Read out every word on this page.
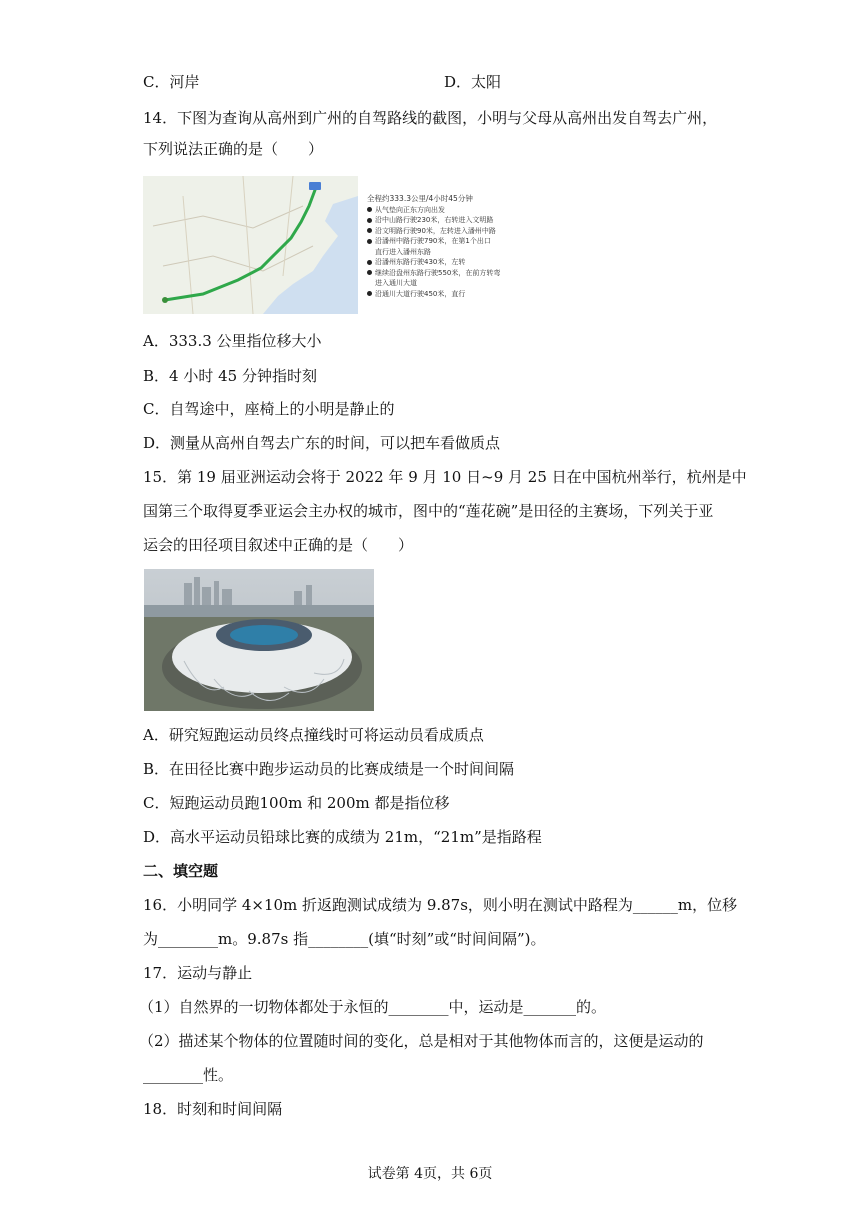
C．河岸	D．太阳
14．下图为查询从高州到广州的自驾路线的截图，小明与父母从高州出发自驾去广州，
下列说法正确的是（　　）
全程约333.3公里/4小时45分钟
从气垫向正东方向出发
沿中山路行驶230米，右转进入文明路
沿文明路行驶90米，左转进入潘州中路
沿潘州中路行驶790米，在第1个出口
直行进入潘州东路
沿潘州东路行驶430米，左转
继续沿盘州东路行驶550米，在前方转弯
进入通川大道
沿通川大道行驶450米，直行
A．333.3 公里指位移大小
B．4 小时 45 分钟指时刻
C．自驾途中，座椅上的小明是静止的
D．测量从高州自驾去广东的时间，可以把车看做质点
15．第 19 届亚洲运动会将于 2022 年 9 月 10 日~9 月 25 日在中国杭州举行，杭州是中
国第三个取得夏季亚运会主办权的城市，图中的“莲花碗”是田径的主赛场，下列关于亚
运会的田径项目叙述中正确的是（　　）
A．研究短跑运动员终点撞线时可将运动员看成质点
B．在田径比赛中跑步运动员的比赛成绩是一个时间间隔
C．短跑运动员跑100m 和 200m 都是指位移
D．高水平运动员铅球比赛的成绩为 21m，“21m”是指路程
二、填空题
16．小明同学 4×10m 折返跑测试成绩为 9.87s，则小明在测试中路程为______m，位移
为________m。9.87s 指________(填“时刻”或“时间间隔”)。
17．运动与静止
（1）自然界的一切物体都处于永恒的________中，运动是_______的。
（2）描述某个物体的位置随时间的变化，总是相对于其他物体而言的，这便是运动的
________性。
18．时刻和时间间隔
试卷第 4页，共 6页
